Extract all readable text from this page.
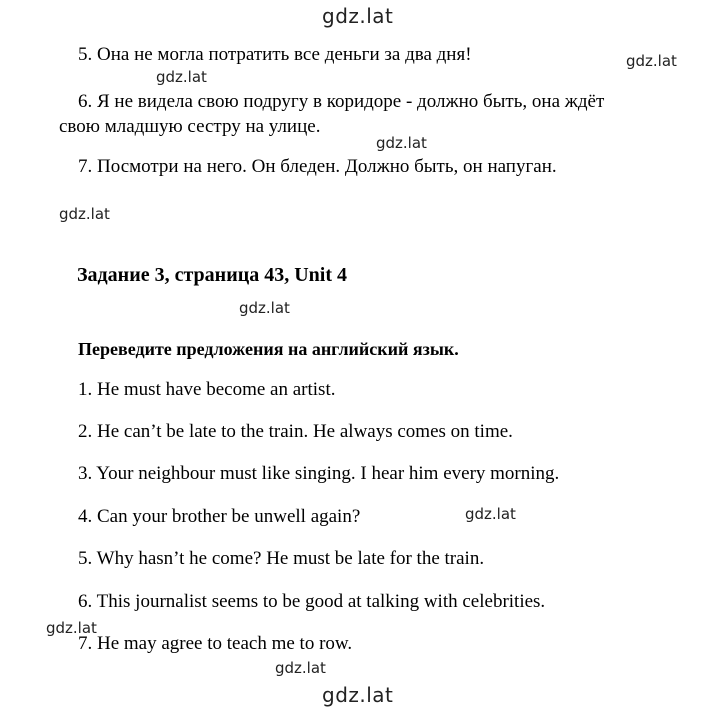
gdz.lat
gdz.lat
gdz.lat
gdz.lat
gdz.lat
gdz.lat
gdz.lat
gdz.lat
gdz.lat
gdz.lat
5. Она не могла потратить все деньги за два дня!
6. Я не видела свою подругу в коридоре - должно быть, она ждёт
свою младшую сестру на улице.
7. Посмотри на него. Он бледен. Должно быть, он напуган.
Задание 3, страница 43, Unit 4
Переведите предложения на английский язык.
1. He must have become an artist.
2. He can’t be late to the train. He always comes on time.
3. Your neighbour must like singing. I hear him every morning.
4. Can your brother be unwell again?
5. Why hasn’t he come? He must be late for the train.
6. This journalist seems to be good at talking with celebrities.
7. He may agree to teach me to row.
